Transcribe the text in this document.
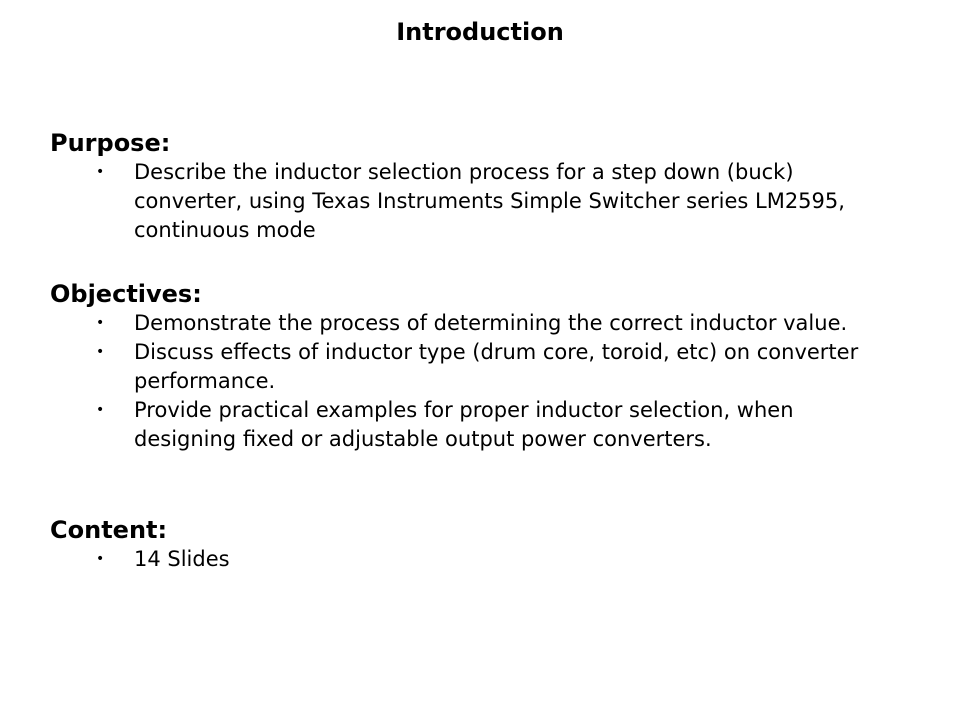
Introduction
Purpose:
• Describe the inductor selection process for a step down (buck) converter, using Texas Instruments Simple Switcher series LM2595, continuous mode
Objectives:
• Demonstrate the process of determining the correct inductor value.
• Discuss effects of inductor type (drum core, toroid, etc) on converter performance.
• Provide practical examples for proper inductor selection, when designing fixed or adjustable output power converters.
Content:
• 14 Slides
